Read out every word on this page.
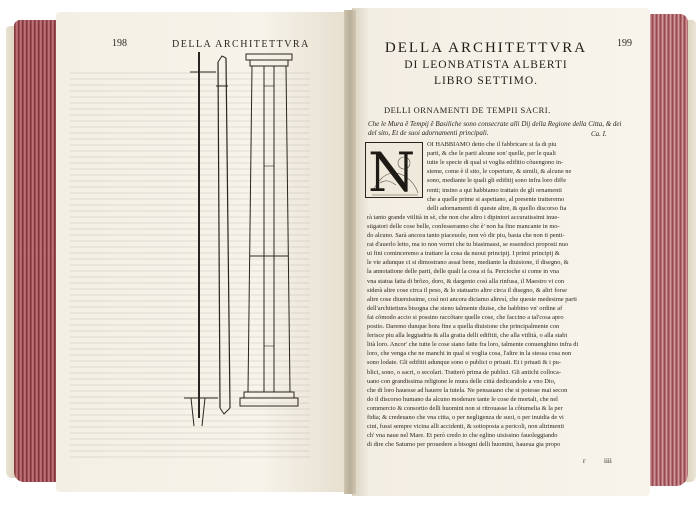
198	DELLA ARCHITETTVRA	199
DELLA ARCHITETTVRA
DI LEONBATISTA ALBERTI
LIBRO SETTIMO.
DELLI ORNAMENTI DE TEMPII SACRI.
Che le Mura ẽ Tempij ẽ Basiliche sono consecrate alli Dij della Regione della Citta, & dei
del sito, Et de suoi adornamenti principali.	Ca. I.
N OI HABBIAMO detto che il fabbricare si fa di piu
parti, & che le parti alcune son' quelle, per le quali
tutte le specie di qual si voglia edifitio cõuengono in-
sieme, come è il sito, le coperture, & simili, & alcune ne
sono, mediante le quali gli edifitij sono infra loro diffe
renti; insino a qui habbiamo trattato de gli ornamenti
che a quelle prime si aspettano, al presente tratteremo
delli adornamenti di queste altre, & quello discorso fia
rà tanto grande vtilità in sè, che non che altro i dipintori accuratissimi inue-
stigatori delle cose belle, confesseranno che è' non ha fine mancante in mo-
do alcuno. Sarà ancora tanto piaceuole, non vò dir piu, basta che non ti penti-
rai d'auerlo letto, ma io non vorrei che tu biasimassi, se essendoci proposti nuo
ui fini cominceremo a trattare la cosa da nuoui principij. I primi principij &
le vie adunque ci si dimostrano assai bene, mediante la diuisione, il disegno, &
la annotatione delle parti, delle quali la cosa si fa. Percioche si come in vna
vna statua fatta di brõzo, doro, & dargento così alla rinfusa, il Maestro vi con
siderà altre cose circa il peso, & lo statuario altre circa il disegno, & altri forse
altre cose diuersissime, così noi ancora diciamo altresí, che queste medesime parti
dell'architettura bisogna che sieno talmente diuise, che habbino vn' ordine af
fai cõmodo accio si possino raccõtare quelle cose, che faccino a tal'cosa apro
posito. Daremo dunque hora fine a quella diuisione che principalmente con
ferisce piu alla leggiadria & alla gratia delli edifitii, che alla vtilità, o alla stabi
lità loro. Ancor' che tutte le cose siano fatte fra loro, talmente conuenghino infra di
loro, che venga che ne manchi in qual si voglia cosa, l'altre in la stessa cosa non
sono lodate. Gli edifitii adunque sono o publici o priuati. Et i priuati & i pu-
blici, sono, o sacri, o secolari. Tratterò prima de publici. Gli antichi colloca-
uano con grandissima religione le mura delle città dedicandole a vno Dio,
che di loro hauesse ad hauere la tutela. Ne pensauano che si potesse mai secon
do il discorso humano da alcuno moderare tante le cose de mortali, che nel
commercio & consortio delli huomini non si ritrouasse la côtumelia & la per
fidia; & credeuano che vna citta, o per negligenza de suoi, o per inuidia de vi
cini, fussi sempre vicina alli accidenti, & sottoposta a pericoli, non altrimenti
ch' vna naue nel Mare. Et però credo io che eglino uisissino fauoleggiando
di dire che Saturno per prouedere a bisogni delli huomini, haueua gia propo
r	iiii
